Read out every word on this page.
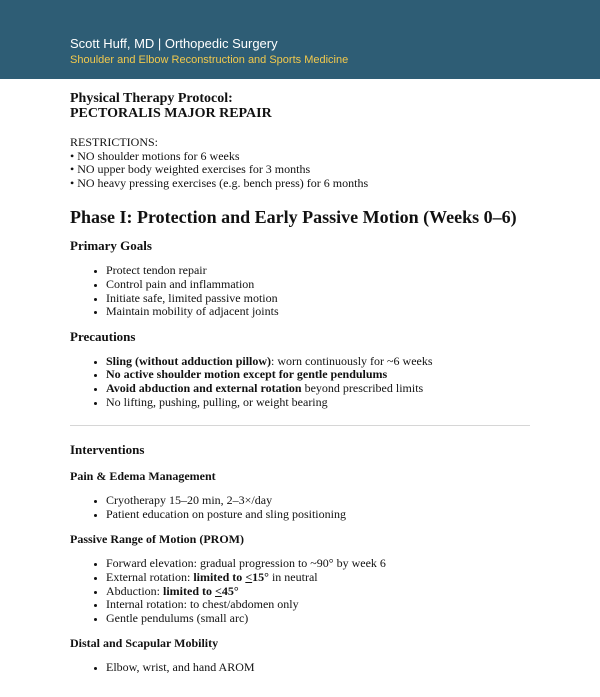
Scott Huff, MD | Orthopedic Surgery
Shoulder and Elbow Reconstruction and Sports Medicine
Physical Therapy Protocol:
PECTORALIS MAJOR REPAIR
RESTRICTIONS:
• NO shoulder motions for 6 weeks
• NO upper body weighted exercises for 3 months
• NO heavy pressing exercises (e.g. bench press) for 6 months
Phase I: Protection and Early Passive Motion (Weeks 0–6)
Primary Goals
• Protect tendon repair
• Control pain and inflammation
• Initiate safe, limited passive motion
• Maintain mobility of adjacent joints
Precautions
• Sling (without adduction pillow): worn continuously for ~6 weeks
• No active shoulder motion except for gentle pendulums
• Avoid abduction and external rotation beyond prescribed limits
• No lifting, pushing, pulling, or weight bearing
Interventions
Pain & Edema Management
• Cryotherapy 15–20 min, 2–3×/day
• Patient education on posture and sling positioning
Passive Range of Motion (PROM)
• Forward elevation: gradual progression to ~90° by week 6
• External rotation: limited to <15° in neutral
• Abduction: limited to <45°
• Internal rotation: to chest/abdomen only
• Gentle pendulums (small arc)
Distal and Scapular Mobility
• Elbow, wrist, and hand AROM
